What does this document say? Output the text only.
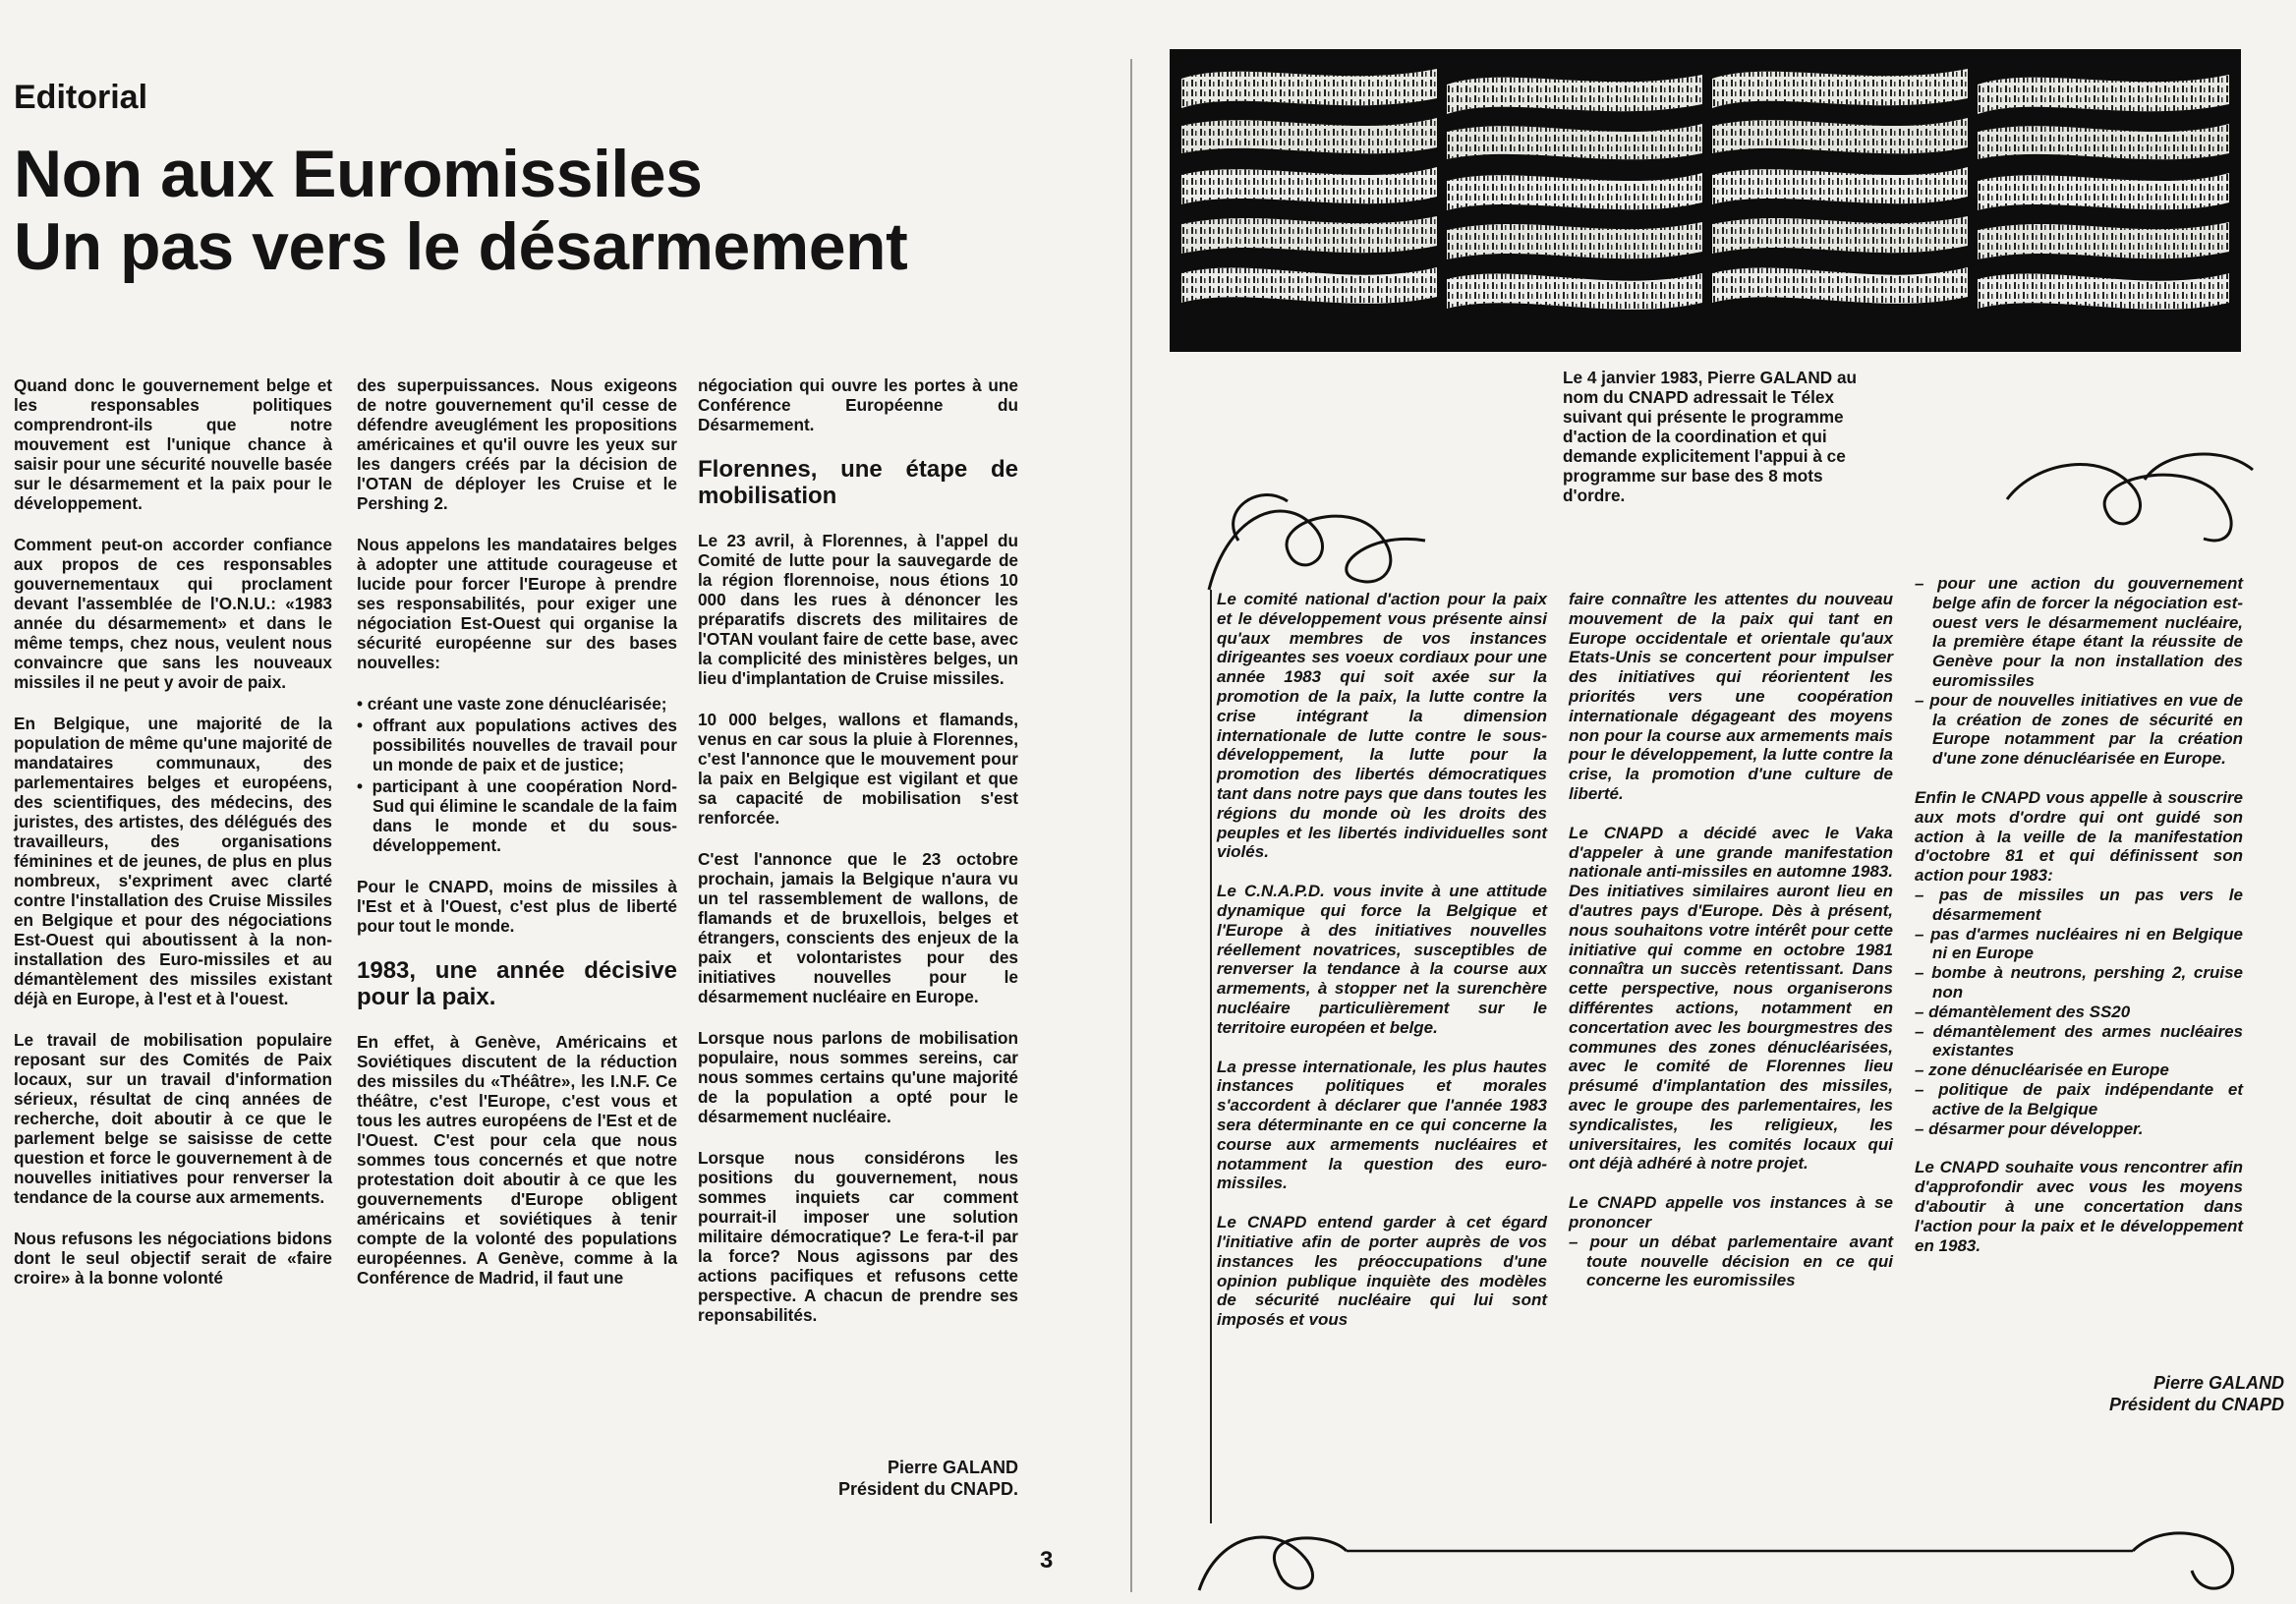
Editorial
Non aux Euromissiles
Un pas vers le désarmement

Quand donc le gouvernement belge et les responsables politiques comprendront-ils que notre mouvement est l'unique chance à saisir pour une sécurité nouvelle basée sur le désarmement et la paix pour le développement.

Comment peut-on accorder confiance aux propos de ces responsables gouvernementaux qui proclament devant l'assemblée de l'O.N.U.: «1983 année du désarmement» et dans le même temps, chez nous, veulent nous convaincre que sans les nouveaux missiles il ne peut y avoir de paix.

En Belgique, une majorité de la population de même qu'une majorité de mandataires communaux, des parlementaires belges et européens, des scientifiques, des médecins, des juristes, des artistes, des délégués des travailleurs, des organisations féminines et de jeunes, de plus en plus nombreux, s'expriment avec clarté contre l'installation des Cruise Missiles en Belgique et pour des négociations Est-Ouest qui aboutissent à la non-installation des Euro-missiles et au démantèlement des missiles existant déjà en Europe, à l'est et à l'ouest.

Le travail de mobilisation populaire reposant sur des Comités de Paix locaux, sur un travail d'information sérieux, résultat de cinq années de recherche, doit aboutir à ce que le parlement belge se saisisse de cette question et force le gouvernement à de nouvelles initiatives pour renverser la tendance de la course aux armements.

Nous refusons les négociations bidons dont le seul objectif serait de «faire croire» à la bonne volonté

des superpuissances. Nous exigeons de notre gouvernement qu'il cesse de défendre aveuglément les propositions américaines et qu'il ouvre les yeux sur les dangers créés par la décision de l'OTAN de déployer les Cruise et le Pershing 2.

Nous appelons les mandataires belges à adopter une attitude courageuse et lucide pour forcer l'Europe à prendre ses responsabilités, pour exiger une négociation Est-Ouest qui organise la sécurité européenne sur des bases nouvelles:

• créant une vaste zone dénucléarisée;
• offrant aux populations actives des possibilités nouvelles de travail pour un monde de paix et de justice;
• participant à une coopération Nord-Sud qui élimine le scandale de la faim dans le monde et du sous-développement.

Pour le CNAPD, moins de missiles à l'Est et à l'Ouest, c'est plus de liberté pour tout le monde.

1983, une année décisive pour la paix.

En effet, à Genève, Américains et Soviétiques discutent de la réduction des missiles du «Théâtre», les I.N.F. Ce théâtre, c'est l'Europe, c'est vous et tous les autres européens de l'Est et de l'Ouest. C'est pour cela que nous sommes tous concernés et que notre protestation doit aboutir à ce que les gouvernements d'Europe obligent américains et soviétiques à tenir compte de la volonté des populations européennes. A Genève, comme à la Conférence de Madrid, il faut une

négociation qui ouvre les portes à une Conférence Européenne du Désarmement.

Florennes, une étape de mobilisation

Le 23 avril, à Florennes, à l'appel du Comité de lutte pour la sauvegarde de la région florennoise, nous étions 10 000 dans les rues à dénoncer les préparatifs discrets des militaires de l'OTAN voulant faire de cette base, avec la complicité des ministères belges, un lieu d'implantation de Cruise missiles.

10 000 belges, wallons et flamands, venus en car sous la pluie à Florennes, c'est l'annonce que le mouvement pour la paix en Belgique est vigilant et que sa capacité de mobilisation s'est renforcée.

C'est l'annonce que le 23 octobre prochain, jamais la Belgique n'aura vu un tel rassemblement de wallons, de flamands et de bruxellois, belges et étrangers, conscients des enjeux de la paix et volontaristes pour des initiatives nouvelles pour le désarmement nucléaire en Europe.

Lorsque nous parlons de mobilisation populaire, nous sommes sereins, car nous sommes certains qu'une majorité de la population a opté pour le désarmement nucléaire.

Lorsque nous considérons les positions du gouvernement, nous sommes inquiets car comment pourrait-il imposer une solution militaire démocratique? Le fera-t-il par la force? Nous agissons par des actions pacifiques et refusons cette perspective. A chacun de prendre ses reponsabilités.

Pierre GALAND
Président du CNAPD.
3
Le 4 janvier 1983, Pierre GALAND au nom du CNAPD adressait le Télex suivant qui présente le programme d'action de la coordination et qui demande explicitement l'appui à ce programme sur base des 8 mots d'ordre.

Le comité national d'action pour la paix et le développement vous présente ainsi qu'aux membres de vos instances dirigeantes ses voeux cordiaux pour une année 1983 qui soit axée sur la promotion de la paix, la lutte contre la crise intégrant la dimension internationale de lutte contre le sous-développement, la lutte pour la promotion des libertés démocratiques tant dans notre pays que dans toutes les régions du monde où les droits des peuples et les libertés individuelles sont violés.

Le C.N.A.P.D. vous invite à une attitude dynamique qui force la Belgique et l'Europe à des initiatives nouvelles réellement novatrices, susceptibles de renverser la tendance à la course aux armements, à stopper net la surenchère nucléaire particulièrement sur le territoire européen et belge.

La presse internationale, les plus hautes instances politiques et morales s'accordent à déclarer que l'année 1983 sera déterminante en ce qui concerne la course aux armements nucléaires et notamment la question des euro-missiles.

Le CNAPD entend garder à cet égard l'initiative afin de porter auprès de vos instances les préoccupations d'une opinion publique inquiète des modèles de sécurité nucléaire qui lui sont imposés et vous

faire connaître les attentes du nouveau mouvement de la paix qui tant en Europe occidentale et orientale qu'aux Etats-Unis se concertent pour impulser des initiatives qui réorientent les priorités vers une coopération internationale dégageant des moyens non pour la course aux armements mais pour le développement, la lutte contre la crise, la promotion d'une culture de liberté.

Le CNAPD a décidé avec le Vaka d'appeler à une grande manifestation nationale anti-missiles en automne 1983. Des initiatives similaires auront lieu en d'autres pays d'Europe. Dès à présent, nous souhaitons votre intérêt pour cette initiative qui comme en octobre 1981 connaîtra un succès retentissant. Dans cette perspective, nous organiserons différentes actions, notamment en concertation avec les bourgmestres des communes des zones dénucléarisées, avec le comité de Florennes lieu présumé d'implantation des missiles, avec le groupe des parlementaires, les syndicalistes, les religieux, les universitaires, les comités locaux qui ont déjà adhéré à notre projet.

Le CNAPD appelle vos instances à se prononcer

– pour un débat parlementaire avant toute nouvelle décision en ce qui concerne les euromissiles
– pour une action du gouvernement belge afin de forcer la négociation est-ouest vers le désarmement nucléaire, la première étape étant la réussite de Genève pour la non installation des euromissiles
– pour de nouvelles initiatives en vue de la création de zones de sécurité en Europe notamment par la création d'une zone dénucléarisée en Europe.

Enfin le CNAPD vous appelle à souscrire aux mots d'ordre qui ont guidé son action à la veille de la manifestation d'octobre 81 et qui définissent son action pour 1983:

– pas de missiles un pas vers le désarmement
– pas d'armes nucléaires ni en Belgique ni en Europe
– bombe à neutrons, pershing 2, cruise non
– démantèlement des SS20
– démantèlement des armes nucléaires existantes
– zone dénucléarisée en Europe
– politique de paix indépendante et active de la Belgique
– désarmer pour développer.

Le CNAPD souhaite vous rencontrer afin d'approfondir avec vous les moyens d'aboutir à une concertation dans l'action pour la paix et le développement en 1983.

Pierre GALAND
Président du CNAPD
